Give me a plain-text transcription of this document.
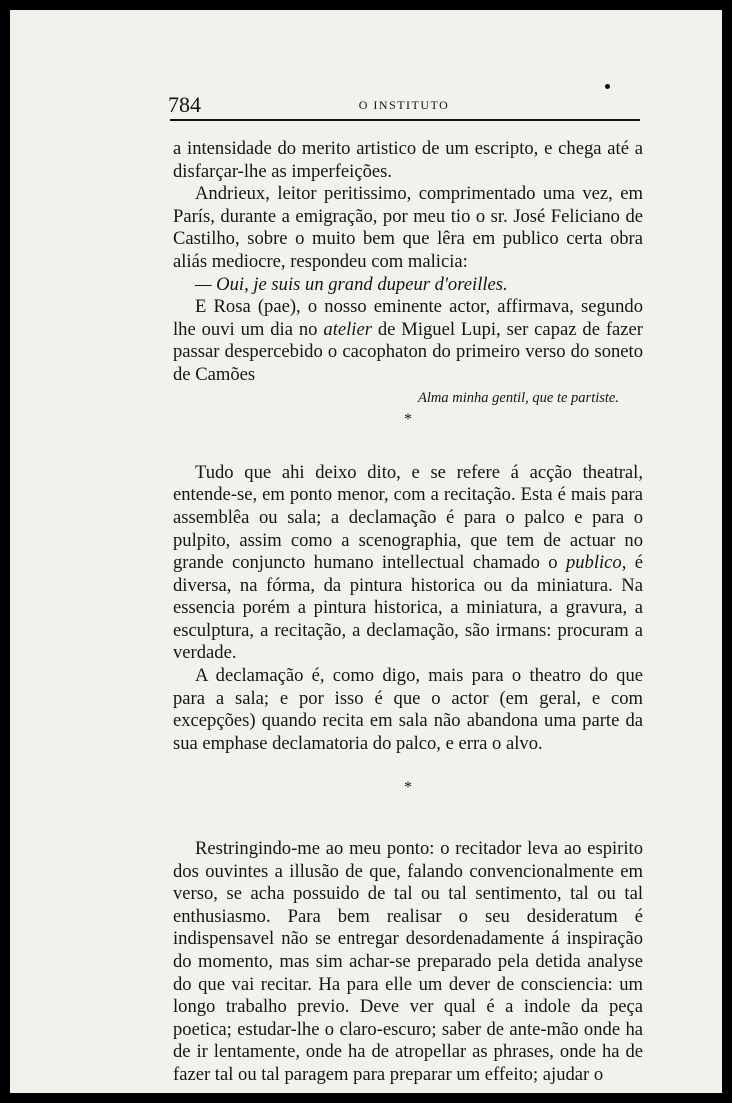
784	O INSTITUTO

a intensidade do merito artistico de um escripto, e chega até a disfarçar-lhe as imperfeições.

Andrieux, leitor peritissimo, comprimentado uma vez, em París, durante a emigração, por meu tio o sr. José Feliciano de Castilho, sobre o muito bem que lêra em publico certa obra aliás mediocre, respondeu com malicia:

— Oui, je suis un grand dupeur d'oreilles.

E Rosa (pae), o nosso eminente actor, affirmava, segundo lhe ouvi um dia no atelier de Miguel Lupi, ser capaz de fazer passar despercebido o cacophaton do primeiro verso do soneto de Camões

Alma minha gentil, que te partiste.

*

Tudo que ahi deixo dito, e se refere á acção theatral, entende-se, em ponto menor, com a recitação. Esta é mais para assemblêa ou sala; a declamação é para o palco e para o pulpito, assim como a scenographia, que tem de actuar no grande conjuncto humano intellectual chamado o publico, é diversa, na fórma, da pintura historica ou da miniatura. Na essencia porém a pintura historica, a miniatura, a gravura, a esculptura, a recitação, a declamação, são irmans: procuram a verdade.

A declamação é, como digo, mais para o theatro do que para a sala; e por isso é que o actor (em geral, e com excepções) quando recita em sala não abandona uma parte da sua emphase declamatoria do palco, e erra o alvo.

*

Restringindo-me ao meu ponto: o recitador leva ao espirito dos ouvintes a illusão de que, falando convencionalmente em verso, se acha possuido de tal ou tal sentimento, tal ou tal enthusiasmo. Para bem realisar o seu desideratum é indispensavel não se entregar desordenadamente á inspiração do momento, mas sim achar-se preparado pela detida analyse do que vai recitar. Ha para elle um dever de consciencia: um longo trabalho previo. Deve ver qual é a indole da peça poetica; estudar-lhe o claro-escuro; saber de ante-mão onde ha de ir lentamente, onde ha de atropellar as phrases, onde ha de fazer tal ou tal paragem para preparar um effeito; ajudar o
